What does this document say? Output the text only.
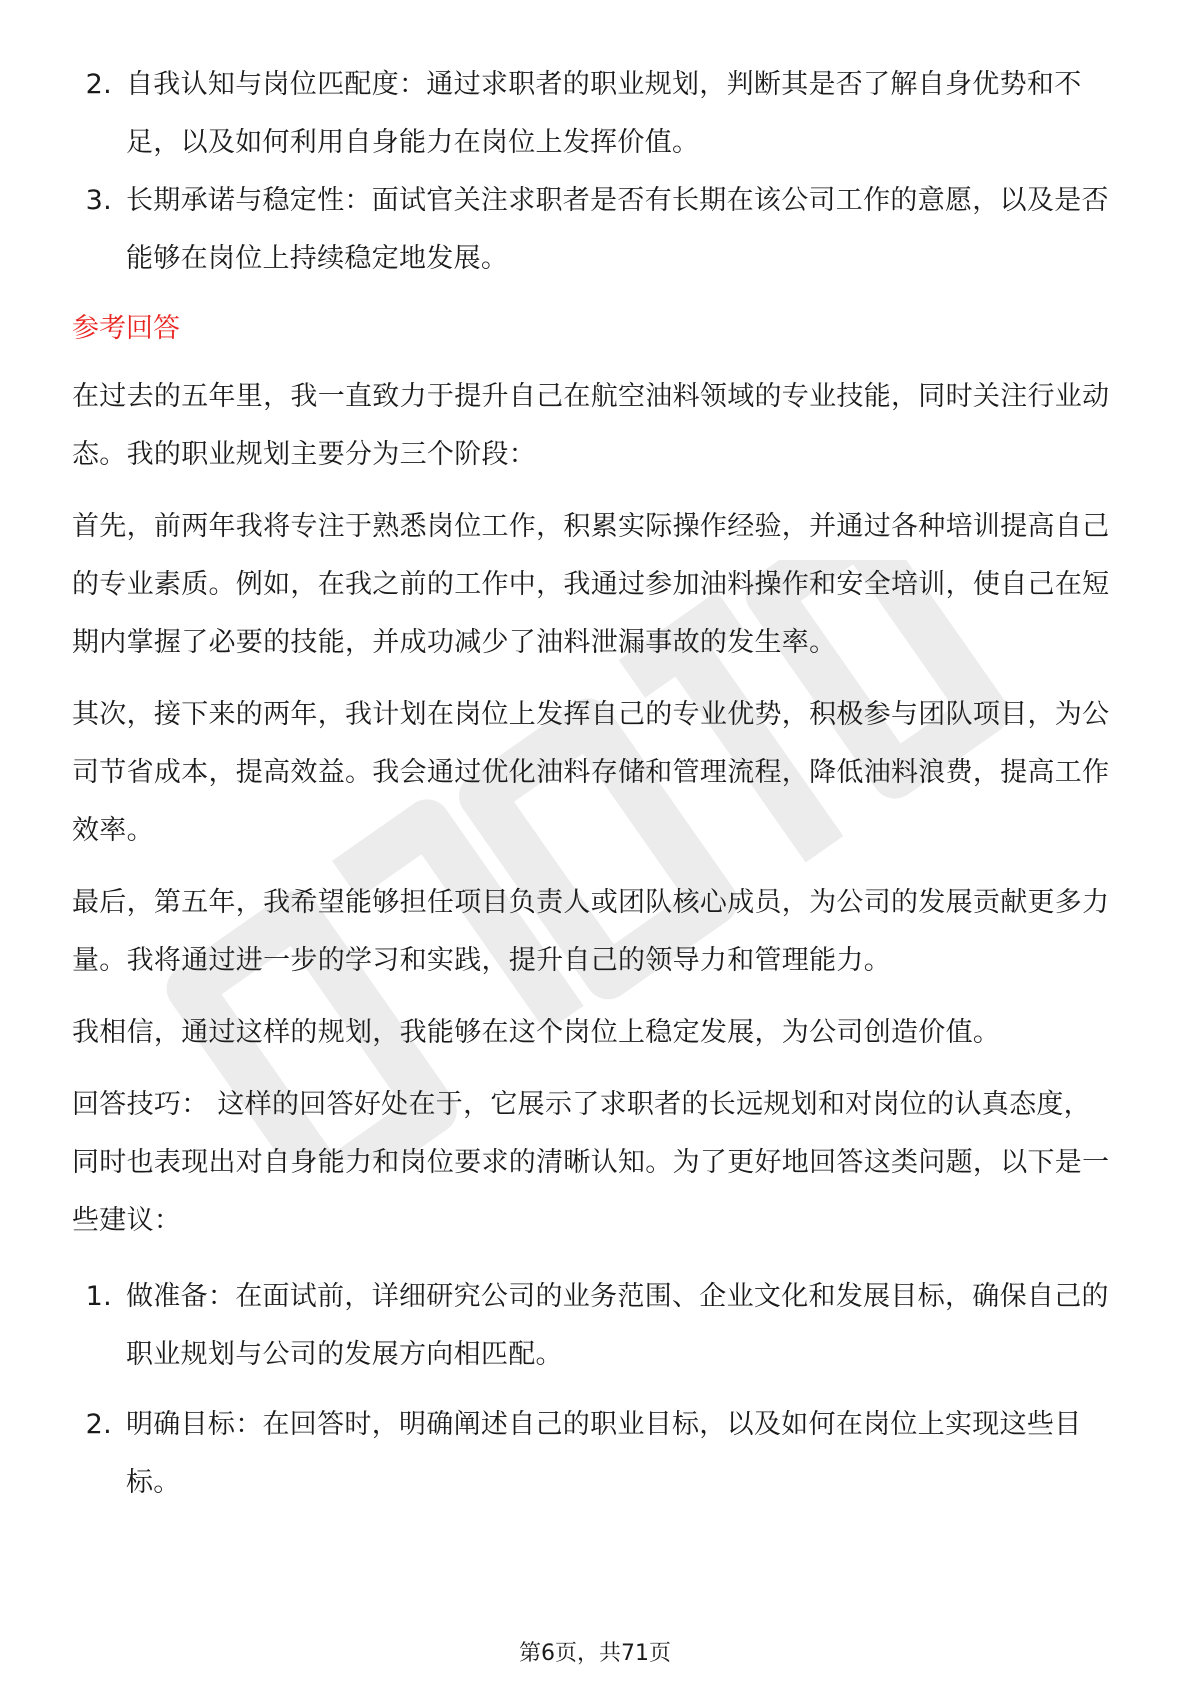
2. 自我认知与岗位匹配度：通过求职者的职业规划，判断其是否了解自身优势和不足，以及如何利用自身能力在岗位上发挥价值。
3. 长期承诺与稳定性：面试官关注求职者是否有长期在该公司工作的意愿，以及是否能够在岗位上持续稳定地发展。
参考回答

在过去的五年里，我一直致力于提升自己在航空油料领域的专业技能，同时关注行业动态。我的职业规划主要分为三个阶段：

首先，前两年我将专注于熟悉岗位工作，积累实际操作经验，并通过各种培训提高自己的专业素质。例如，在我之前的工作中，我通过参加油料操作和安全培训，使自己在短期内掌握了必要的技能，并成功减少了油料泄漏事故的发生率。

其次，接下来的两年，我计划在岗位上发挥自己的专业优势，积极参与团队项目，为公司节省成本，提高效益。我会通过优化油料存储和管理流程，降低油料浪费，提高工作效率。

最后，第五年，我希望能够担任项目负责人或团队核心成员，为公司的发展贡献更多力量。我将通过进一步的学习和实践，提升自己的领导力和管理能力。

我相信，通过这样的规划，我能够在这个岗位上稳定发展，为公司创造价值。

回答技巧： 这样的回答好处在于，它展示了求职者的长远规划和对岗位的认真态度，同时也表现出对自身能力和岗位要求的清晰认知。为了更好地回答这类问题，以下是一些建议：

1. 做准备：在面试前，详细研究公司的业务范围、企业文化和发展目标，确保自己的职业规划与公司的发展方向相匹配。
2. 明确目标：在回答时，明确阐述自己的职业目标，以及如何在岗位上实现这些目标。
第6页，共71页
